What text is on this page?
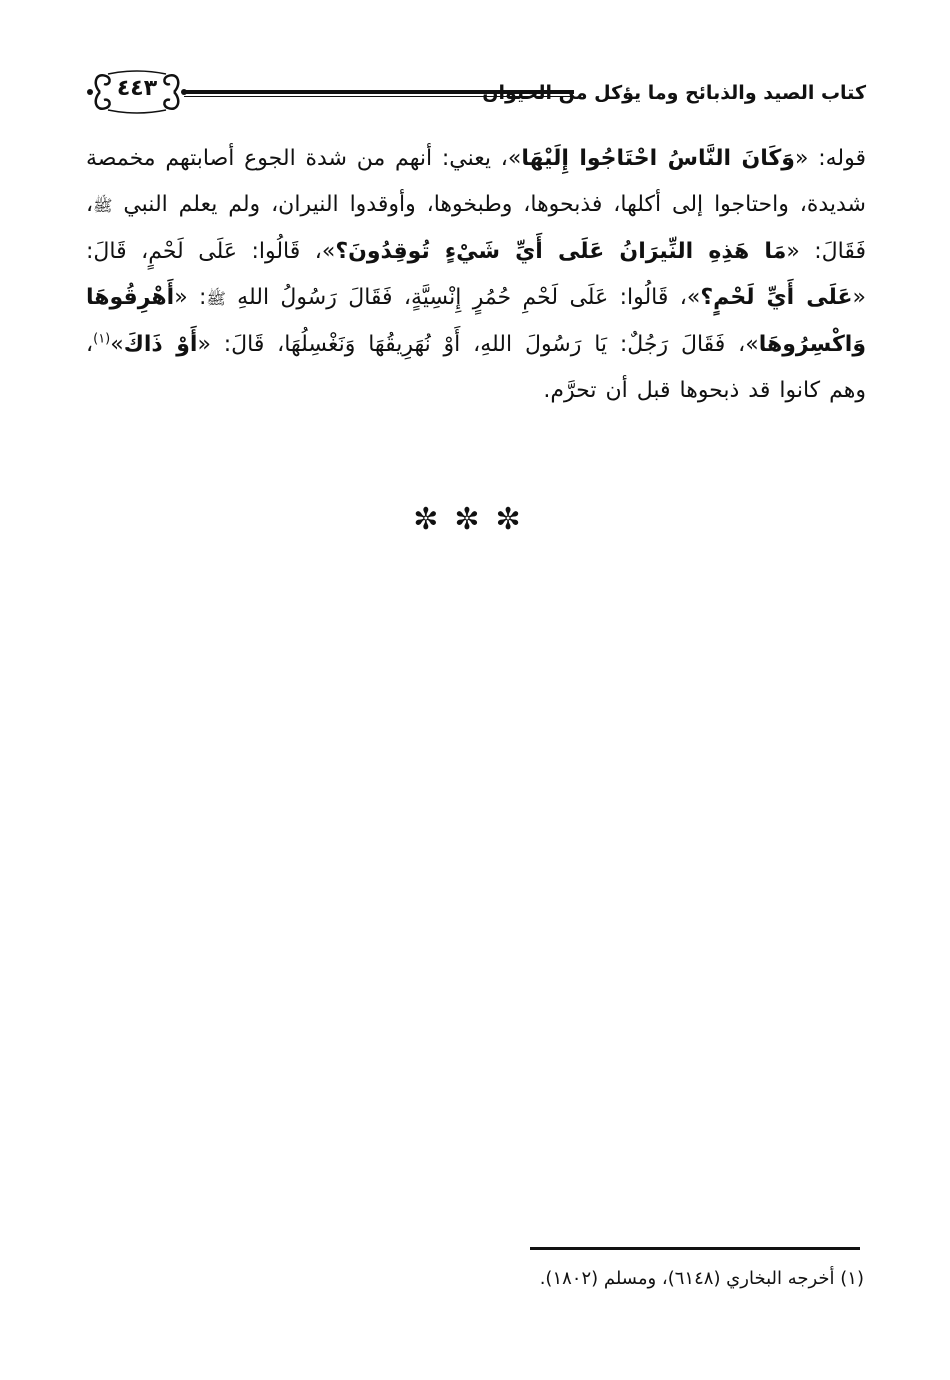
٤٤٣	كتاب الصيد والذبائح وما يؤكل من الحيوان
قوله: «وَكَانَ النَّاسُ احْتَاجُوا إِلَيْهَا»، يعني: أنهم من شدة الجوع أصابتهم مخمصة شديدة، واحتاجوا إلى أكلها، فذبحوها، وطبخوها، وأوقدوا النيران، ولم يعلم النبي ﷺ، فَقَالَ: «مَا هَذِهِ النِّيرَانُ عَلَى أَيِّ شَيْءٍ تُوقِدُونَ؟»، قَالُوا: عَلَى لَحْمٍ، قَالَ: «عَلَى أَيِّ لَحْمٍ؟»، قَالُوا: عَلَى لَحْمِ حُمُرٍ إِنْسِيَّةٍ، فَقَالَ رَسُولُ اللهِ ﷺ: «أَهْرِقُوهَا وَاكْسِرُوهَا»، فَقَالَ رَجُلٌ: يَا رَسُولَ اللهِ، أَوْ نُهَرِيقُهَا وَنَغْسِلُهَا، قَالَ: «أَوْ ذَاكَ»$^{(١)}$، وهم كانوا قد ذبحوها قبل أن تحرَّم.
✼✼✼
(١) أخرجه البخاري (٦١٤٨)، ومسلم (١٨٠٢).
